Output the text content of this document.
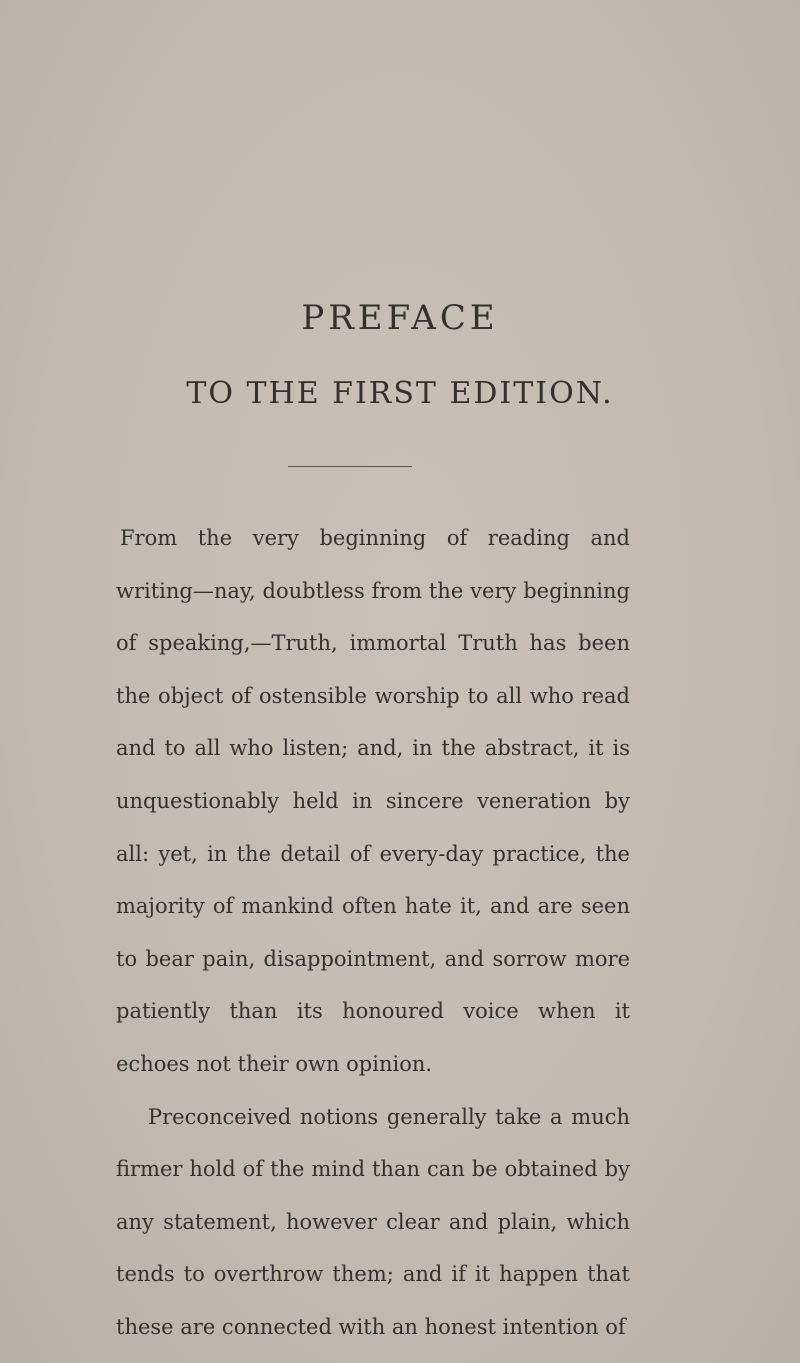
PREFACE
TO THE FIRST EDITION.

From the very beginning of reading and writing—nay, doubtless from the very beginning of speaking,—Truth, immortal Truth has been the object of ostensible worship to all who read and to all who listen; and, in the abstract, it is unquestionably held in sincere veneration by all: yet, in the detail of every-day practice, the majority of mankind often hate it, and are seen to bear pain, disappointment, and sorrow more patiently than its honoured voice when it echoes not their own opinion.

Preconceived notions generally take a much firmer hold of the mind than can be obtained by any statement, however clear and plain, which tends to overthrow them; and if it happen that these are connected with an honest intention of
